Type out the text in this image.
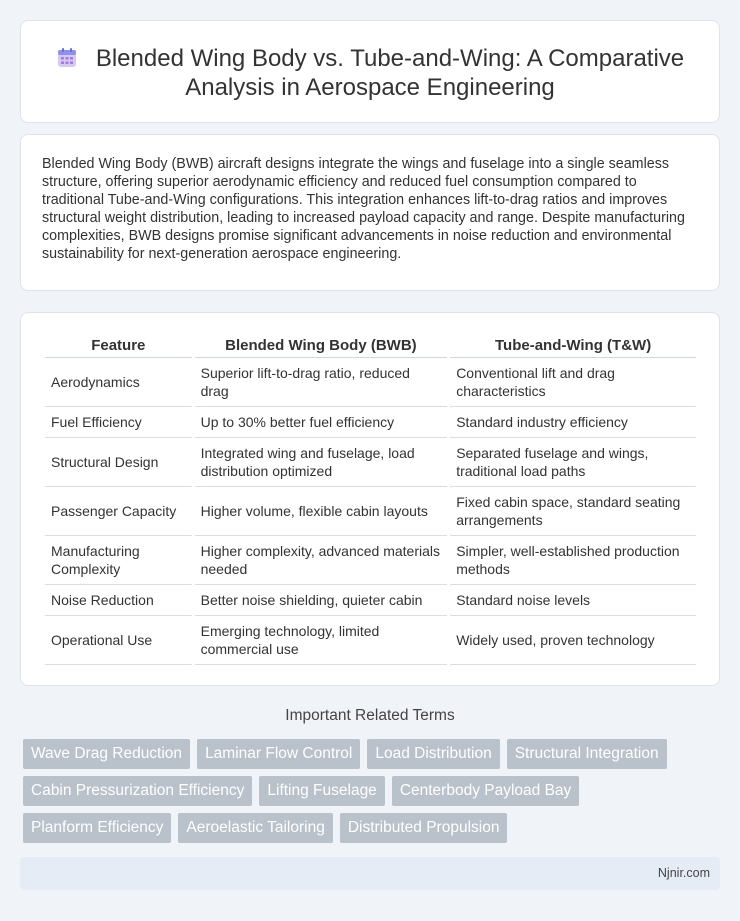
Blended Wing Body vs. Tube-and-Wing: A Comparative Analysis in Aerospace Engineering

Blended Wing Body (BWB) aircraft designs integrate the wings and fuselage into a single seamless structure, offering superior aerodynamic efficiency and reduced fuel consumption compared to traditional Tube-and-Wing configurations. This integration enhances lift-to-drag ratios and improves structural weight distribution, leading to increased payload capacity and range. Despite manufacturing complexities, BWB designs promise significant advancements in noise reduction and environmental sustainability for next-generation aerospace engineering.

Feature	Blended Wing Body (BWB)	Tube-and-Wing (T&W)
Aerodynamics	Superior lift-to-drag ratio, reduced drag	Conventional lift and drag characteristics
Fuel Efficiency	Up to 30% better fuel efficiency	Standard industry efficiency
Structural Design	Integrated wing and fuselage, load distribution optimized	Separated fuselage and wings, traditional load paths
Passenger Capacity	Higher volume, flexible cabin layouts	Fixed cabin space, standard seating arrangements
Manufacturing Complexity	Higher complexity, advanced materials needed	Simpler, well-established production methods
Noise Reduction	Better noise shielding, quieter cabin	Standard noise levels
Operational Use	Emerging technology, limited commercial use	Widely used, proven technology
Important Related Terms
Wave Drag Reduction	Laminar Flow Control	Load Distribution	Structural Integration
Cabin Pressurization Efficiency	Lifting Fuselage	Centerbody Payload Bay
Planform Efficiency	Aeroelastic Tailoring	Distributed Propulsion
Njnir.com
